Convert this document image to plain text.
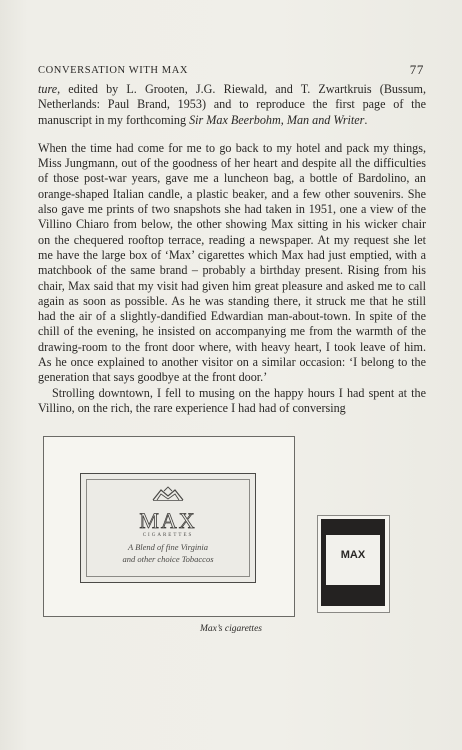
CONVERSATION WITH MAX	77

ture, edited by L. Grooten, J.G. Riewald, and T. Zwartkruis (Bussum, Netherlands: Paul Brand, 1953) and to reproduce the first page of the manuscript in my forthcoming Sir Max Beerbohm, Man and Writer.

When the time had come for me to go back to my hotel and pack my things, Miss Jungmann, out of the goodness of her heart and despite all the difficulties of those post-war years, gave me a luncheon bag, a bottle of Bardolino, an orange-shaped Italian candle, a plastic beaker, and a few other souvenirs. She also gave me prints of two snapshots she had taken in 1951, one a view of the Villino Chiaro from below, the other showing Max sitting in his wicker chair on the chequered rooftop terrace, reading a newspaper. At my request she let me have the large box of ‘Max’ cigarettes which Max had just emptied, with a matchbook of the same brand – probably a birthday present. Rising from his chair, Max said that my visit had given him great pleasure and asked me to call again as soon as possible. As he was standing there, it struck me that he still had the air of a slightly-dandified Edwardian man-about-town. In spite of the chill of the evening, he insisted on accompanying me from the warmth of the drawing-room to the front door where, with heavy heart, I took leave of him. As he once explained to another visitor on a similar occasion: ‘I belong to the generation that says goodbye at the front door.’

Strolling downtown, I fell to musing on the happy hours I had spent at the Villino, on the rich, the rare experience I had had of conversing

MAX
CIGARETTES
A Blend of fine Virginia
and other choice Tobaccos	MAX
Max’s cigarettes
